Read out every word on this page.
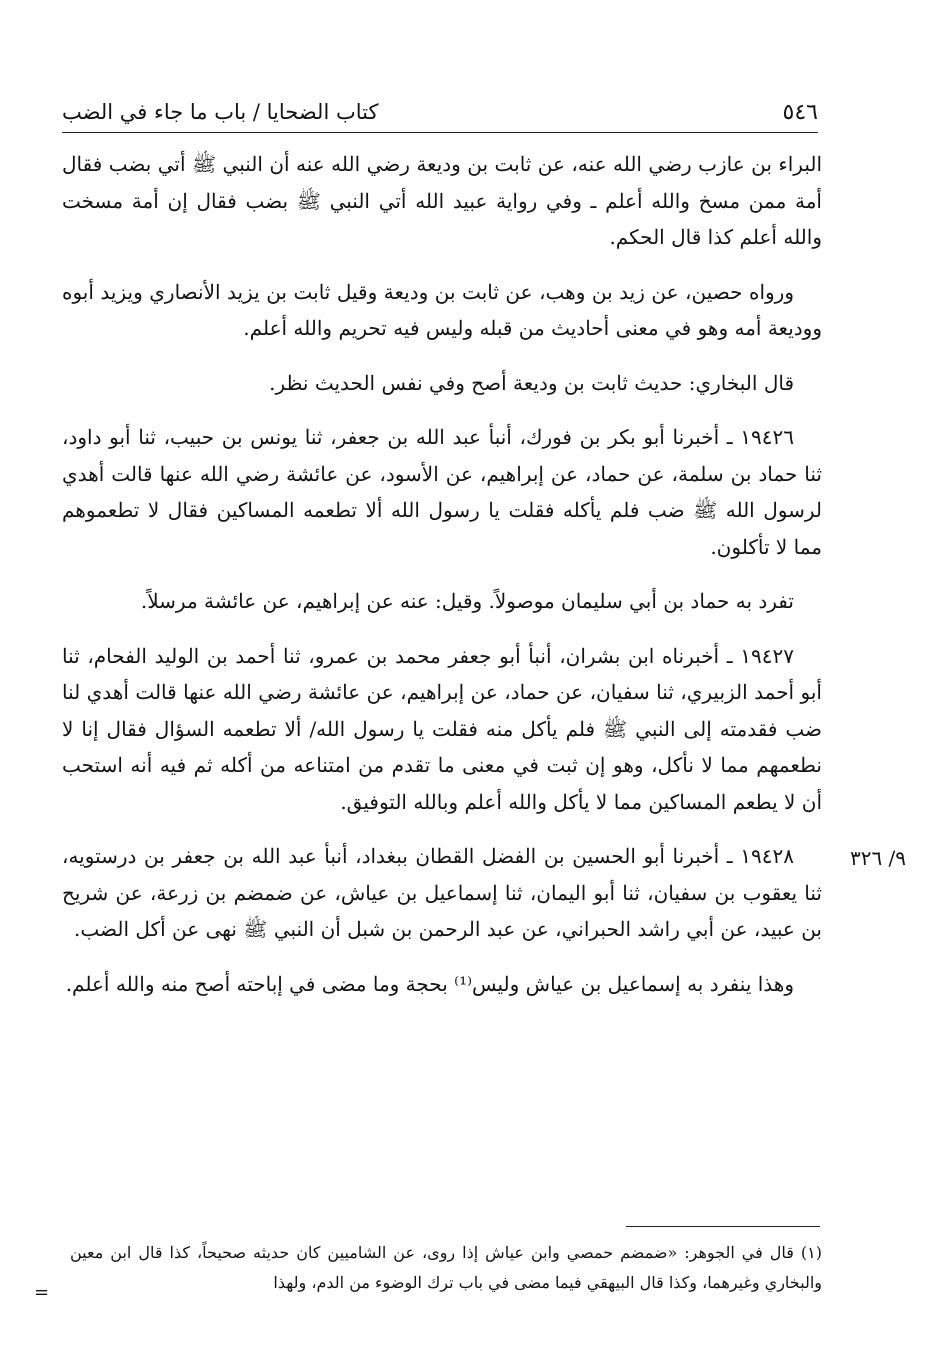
٥٤٦
كتاب الضحايا / باب ما جاء في الضب

البراء بن عازب رضي الله عنه، عن ثابت بن وديعة رضي الله عنه أن النبي ﷺ أتي بضب فقال أمة ممن مسخ والله أعلم ـ وفي رواية عبيد الله أتي النبي ﷺ بضب فقال إن أمة مسخت والله أعلم كذا قال الحكم.

ورواه حصين، عن زيد بن وهب، عن ثابت بن وديعة وقيل ثابت بن يزيد الأنصاري ويزيد أبوه ووديعة أمه وهو في معنى أحاديث من قبله وليس فيه تحريم والله أعلم.

قال البخاري: حديث ثابت بن وديعة أصح وفي نفس الحديث نظر.

١٩٤٢٦ ـ أخبرنا أبو بكر بن فورك، أنبأ عبد الله بن جعفر، ثنا يونس بن حبيب، ثنا أبو داود، ثنا حماد بن سلمة، عن حماد، عن إبراهيم، عن الأسود، عن عائشة رضي الله عنها قالت أهدي لرسول الله ﷺ ضب فلم يأكله فقلت يا رسول الله ألا تطعمه المساكين فقال لا تطعموهم مما لا تأكلون.

تفرد به حماد بن أبي سليمان موصولاً. وقيل: عنه عن إبراهيم، عن عائشة مرسلاً.

١٩٤٢٧ ـ أخبرناه ابن بشران، أنبأ أبو جعفر محمد بن عمرو، ثنا أحمد بن الوليد الفحام، ثنا أبو أحمد الزبيري، ثنا سفيان، عن حماد، عن إبراهيم، عن عائشة رضي الله عنها قالت أهدي لنا ضب فقدمته إلى النبي ﷺ فلم يأكل منه فقلت يا رسول الله/ ألا تطعمه السؤال فقال إنا لا نطعمهم مما لا نأكل، وهو إن ثبت في معنى ما تقدم من امتناعه من أكله ثم فيه أنه استحب أن لا يطعم المساكين مما لا يأكل والله أعلم وبالله التوفيق.

١٩٤٢٨ ـ أخبرنا أبو الحسين بن الفضل القطان ببغداد، أنبأ عبد الله بن جعفر بن درستويه، ثنا يعقوب بن سفيان، ثنا أبو اليمان، ثنا إسماعيل بن عياش، عن ضمضم بن زرعة، عن شريح بن عبيد، عن أبي راشد الحبراني، عن عبد الرحمن بن شبل أن النبي ﷺ نهى عن أكل الضب.

وهذا ينفرد به إسماعيل بن عياش وليس⁽¹⁾ بحجة وما مضى في إباحته أصح منه والله أعلم.

٩/ ٣٢٦

(١) قال في الجوهر: «ضمضم حمصي وابن عياش إذا روى، عن الشاميين كان حديثه صحيحاً، كذا قال ابن معين والبخاري وغيرهما، وكذا قال البيهقي فيما مضى في باب ترك الوضوء من الدم، ولهذا

=
